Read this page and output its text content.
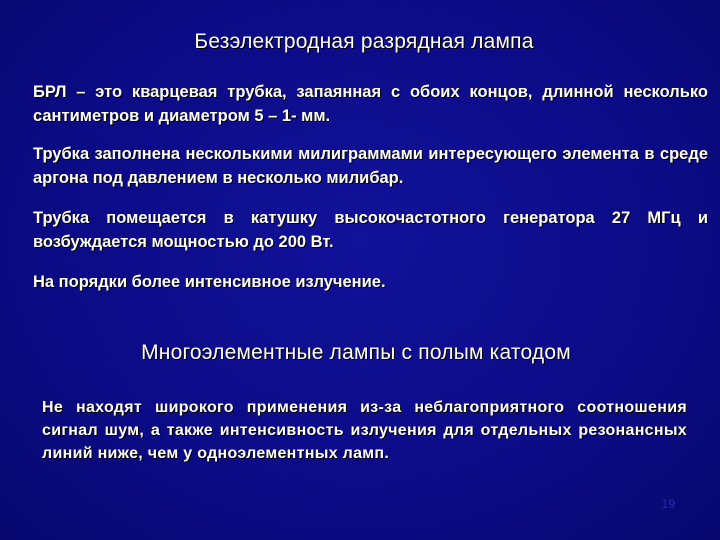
Безэлектродная разрядная лампа
БРЛ – это кварцевая трубка, запаянная с обоих концов, длинной несколько сантиметров и диаметром 5 – 1- мм.
Трубка заполнена несколькими милиграммами интересующего элемента в среде аргона под давлением в несколько милибар.
Трубка помещается в катушку высокочастотного генератора 27 МГц и возбуждается мощностью до 200 Вт.
На порядки более интенсивное излучение.
Многоэлементные лампы с полым катодом
Не находят широкого применения из-за неблагоприятного соотношения сигнал шум, а также интенсивность излучения для отдельных резонансных линий ниже, чем у одноэлементных ламп.
19
